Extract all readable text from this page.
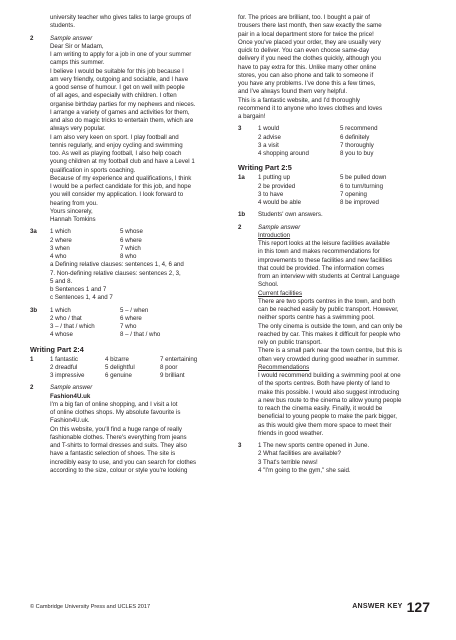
university teacher who gives talks to large groups of
students.
2	Sample answer
Dear Sir or Madam,
I am writing to apply for a job in one of your summer
camps this summer.
I believe I would be suitable for this job because I
am very friendly, outgoing and sociable, and I have
a good sense of humour. I get on well with people
of all ages, and especially with children. I often
organise birthday parties for my nephews and nieces.
I arrange a variety of games and activities for them,
and also do magic tricks to entertain them, which are
always very popular.
I am also very keen on sport. I play football and
tennis regularly, and enjoy cycling and swimming
too. As well as playing football, I also help coach
young children at my football club and have a Level 1
qualification in sports coaching.
Because of my experience and qualifications, I think
I would be a perfect candidate for this job, and hope
you will consider my application. I look forward to
hearing from you.
Yours sincerely,
Hannah Tomkins
3a	1 which	5 whose
2 where	6 where
3 when	7 which
4 who	8 who
a Defining relative clauses: sentences 1, 4, 6 and
7. Non-defining relative clauses: sentences 2, 3,
5 and 8.
b Sentences 1 and 7
c Sentences 1, 4 and 7
3b	1 which	5 – / when
2 who / that	6 where
3 – / that / which	7 who
4 whose	8 – / that / who
Writing Part 2:4
1	1 fantastic	4 bizarre	7 entertaining
2 dreadful	5 delightful	8 poor
3 impressive	6 genuine	9 brilliant
2	Sample answer
Fashion4U.uk
I'm a big fan of online shopping, and I visit a lot
of online clothes shops. My absolute favourite is
Fashion4U.uk.
On this website, you'll find a huge range of really
fashionable clothes. There's everything from jeans
and T-shirts to formal dresses and suits. They also
have a fantastic selection of shoes. The site is
incredibly easy to use, and you can search for clothes
according to the size, colour or style you're looking
for. The prices are brilliant, too. I bought a pair of
trousers there last month, then saw exactly the same
pair in a local department store for twice the price!
Once you've placed your order, they are usually very
quick to deliver. You can even choose same-day
delivery if you need the clothes quickly, although you
have to pay extra for this. Unlike many other online
stores, you can also phone and talk to someone if
you have any problems. I've done this a few times,
and I've always found them very helpful.
This is a fantastic website, and I'd thoroughly
recommend it to anyone who loves clothes and loves
a bargain!
3	1 would	5 recommend
2 advise	6 definitely
3 a visit	7 thoroughly
4 shopping around	8 you to buy
Writing Part 2:5
1a	1 putting up	5 be pulled down
2 be provided	6 to turn/turning
3 to have	7 opening
4 would be able	8 be improved
1b Students' own answers.
2	Sample answer
Introduction
This report looks at the leisure facilities available
in this town and makes recommendations for
improvements to these facilities and new facilities
that could be provided. The information comes
from an interview with students at Central Language
School.
Current facilities
There are two sports centres in the town, and both
can be reached easily by public transport. However,
neither sports centre has a swimming pool.
The only cinema is outside the town, and can only be
reached by car. This makes it difficult for people who
rely on public transport.
There is a small park near the town centre, but this is
often very crowded during good weather in summer.
Recommendations
I would recommend building a swimming pool at one
of the sports centres. Both have plenty of land to
make this possible. I would also suggest introducing
a new bus route to the cinema to allow young people
to reach the cinema easily. Finally, it would be
beneficial to young people to make the park bigger,
as this would give them more space to meet their
friends in good weather.
3	1 The new sports centre opened in June.
2 What facilities are available?
3 That's terrible news!
4 "I'm going to the gym," she said.
© Cambridge University Press and UCLES 2017	ANSWER KEY 127
